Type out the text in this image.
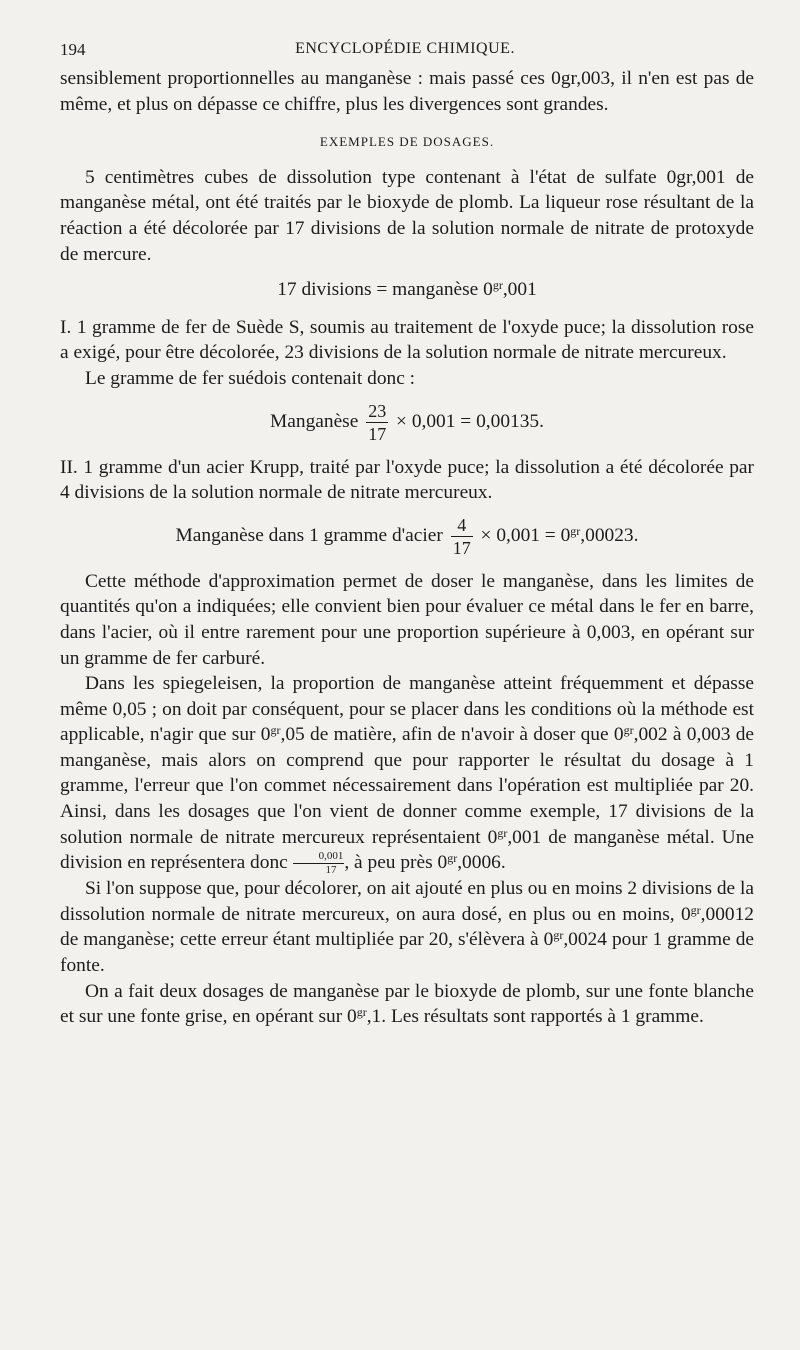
194	ENCYCLOPÉDIE CHIMIQUE.

sensiblement proportionnelles au manganèse : mais passé ces 0gr,003, il n'en est pas de même, et plus on dépasse ce chiffre, plus les divergences sont grandes.

EXEMPLES DE DOSAGES.

5 centimètres cubes de dissolution type contenant à l'état de sulfate 0gr,001 de manganèse métal, ont été traités par le bioxyde de plomb. La liqueur rose résultant de la réaction a été décolorée par 17 divisions de la solution normale de nitrate de protoxyde de mercure.

17 divisions = manganèse $0^{gr},001$

I. 1 gramme de fer de Suède S, soumis au traitement de l'oxyde puce; la dissolution rose a exigé, pour être décolorée, 23 divisions de la solution normale de nitrate mercureux.

Le gramme de fer suédois contenait donc :

Manganèse $\frac{23}{17} \times 0,001 = 0,00135$.

II. 1 gramme d'un acier Krupp, traité par l'oxyde puce; la dissolution a été décolorée par 4 divisions de la solution normale de nitrate mercureux.

Manganèse dans 1 gramme d'acier $\frac{4}{17} \times 0,001 = 0^{gr},00023$.

Cette méthode d'approximation permet de doser le manganèse, dans les limites de quantités qu'on a indiquées; elle convient bien pour évaluer ce métal dans le fer en barre, dans l'acier, où il entre rarement pour une proportion supérieure à 0,003, en opérant sur un gramme de fer carburé.

Dans les spiegeleisen, la proportion de manganèse atteint fréquemment et dépasse même 0,05 ; on doit par conséquent, pour se placer dans les conditions où la méthode est applicable, n'agir que sur $0^{gr},05$ de matière, afin de n'avoir à doser que $0^{gr},002$ à 0,003 de manganèse, mais alors on comprend que pour rapporter le résultat du dosage à 1 gramme, l'erreur que l'on commet nécessairement dans l'opération est multipliée par 20. Ainsi, dans les dosages que l'on vient de donner comme exemple, 17 divisions de la solution normale de nitrate mercureux représentaient $0^{gr},001$ de manganèse métal. Une division en représentera donc $\frac{0,001}{17}$ , à peu près $0^{gr},0006$.

Si l'on suppose que, pour décolorer, on ait ajouté en plus ou en moins 2 divisions de la dissolution normale de nitrate mercureux, on aura dosé, en plus ou en moins, $0^{gr},00012$ de manganèse; cette erreur étant multipliée par 20, s'élèvera à $0^{gr},0024$ pour 1 gramme de fonte.

On a fait deux dosages de manganèse par le bioxyde de plomb, sur une fonte blanche et sur une fonte grise, en opérant sur $0^{gr},1$. Les résultats sont rapportés à 1 gramme.
